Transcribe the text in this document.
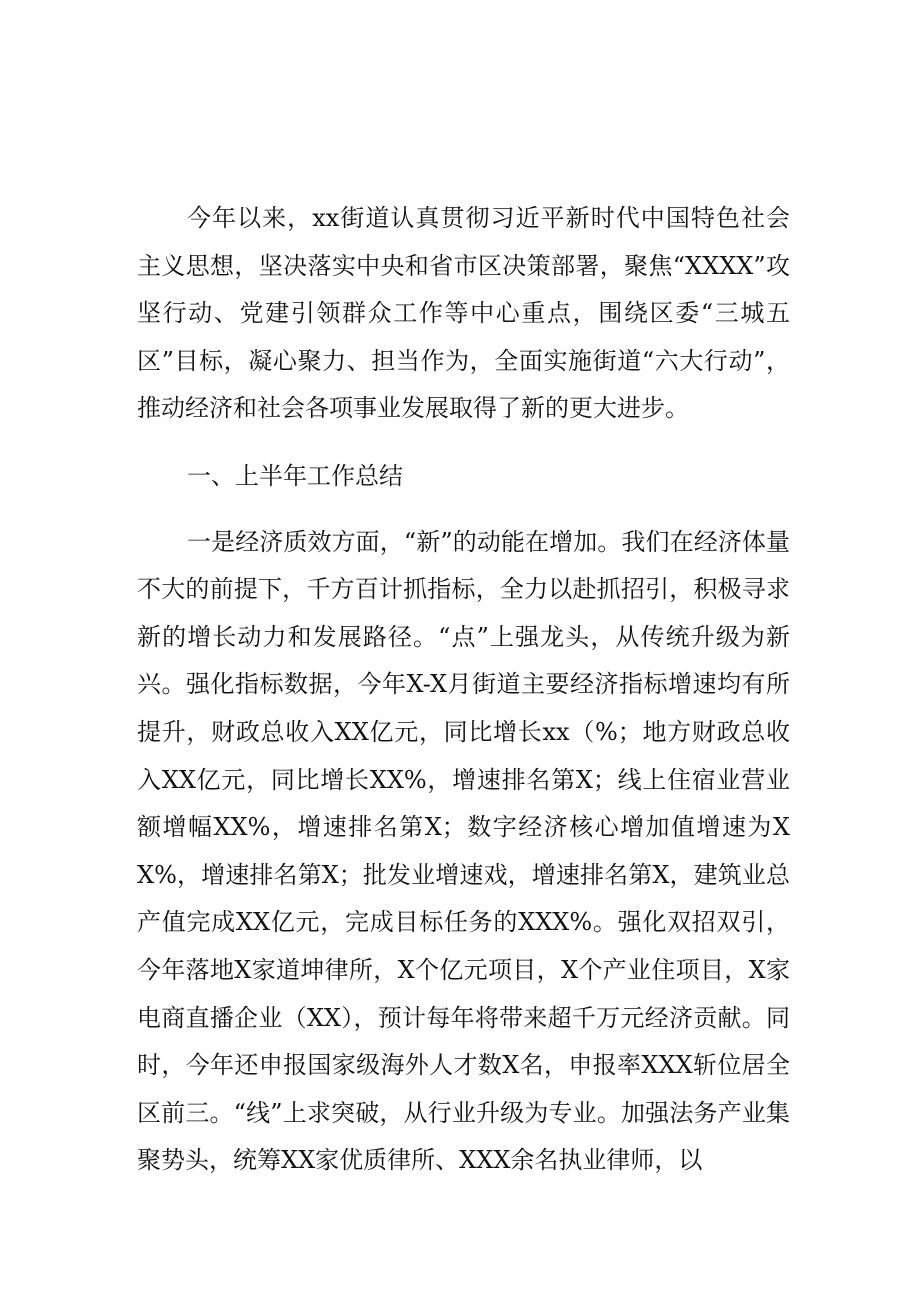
今年以来，xx街道认真贯彻习近平新时代中国特色社会主义思想，坚决落实中央和省市区决策部署，聚焦“XXXX”攻坚行动、党建引领群众工作等中心重点，围绕区委“三城五区”目标，凝心聚力、担当作为，全面实施街道“六大行动”，推动经济和社会各项事业发展取得了新的更大进步。

一、上半年工作总结

一是经济质效方面，“新”的动能在增加。我们在经济体量不大的前提下，千方百计抓指标，全力以赴抓招引，积极寻求新的增长动力和发展路径。“点”上强龙头，从传统升级为新兴。强化指标数据，今年X-X月街道主要经济指标增速均有所提升，财政总收入XX亿元，同比增长xx（%；地方财政总收入XX亿元，同比增长XX%，增速排名第X；线上住宿业营业额增幅XX%，增速排名第X；数字经济核心增加值增速为XX%，增速排名第X；批发业增速戏，增速排名第X，建筑业总产值完成XX亿元，完成目标任务的XXX%。强化双招双引，今年落地X家道坤律所，X个亿元项目，X个产业住项目，X家电商直播企业（XX），预计每年将带来超千万元经济贡献。同时，今年还申报国家级海外人才数X名，申报率XXX斩位居全区前三。“线”上求突破，从行业升级为专业。加强法务产业集聚势头，统筹XX家优质律所、XXX余名执业律师，以
